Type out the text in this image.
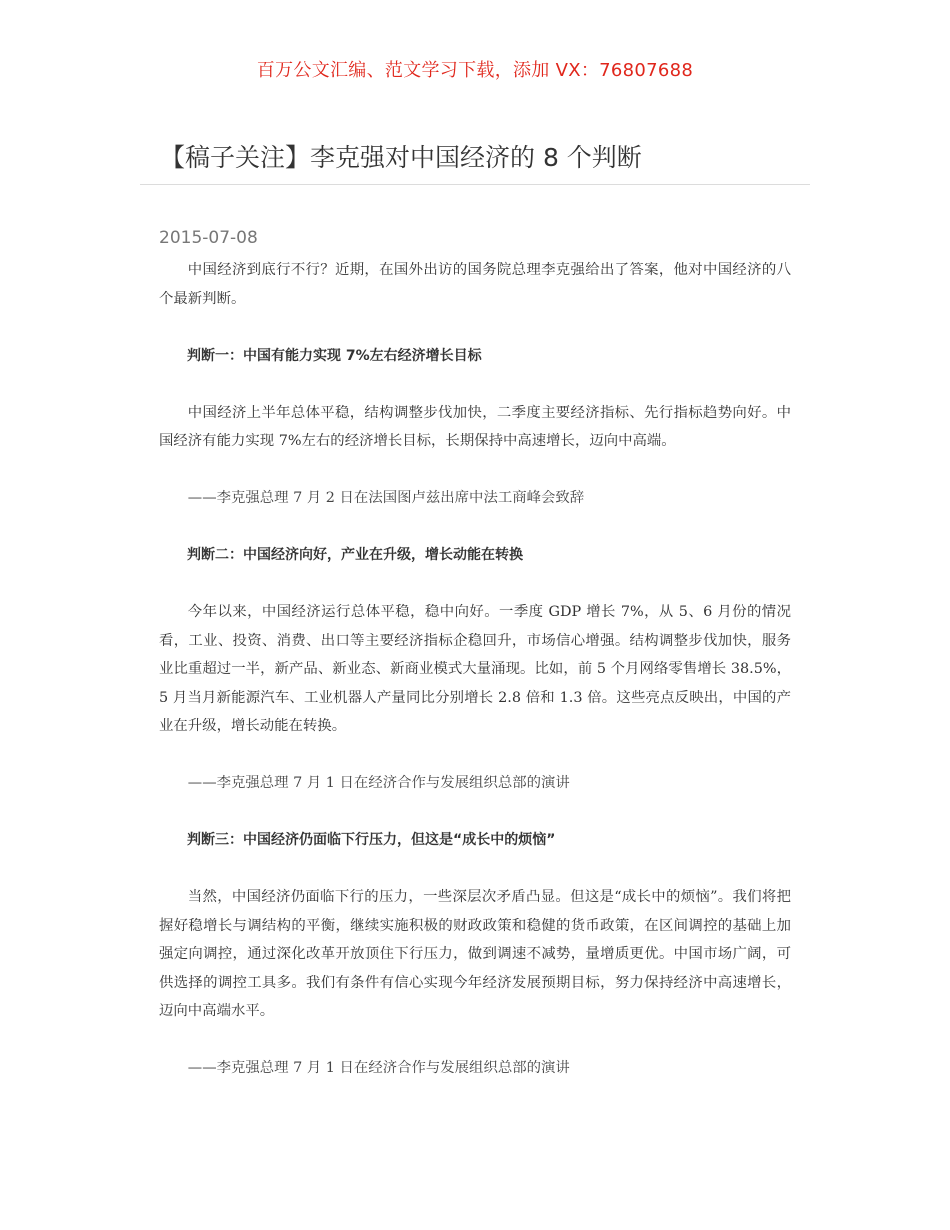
百万公文汇编、范文学习下载，添加 VX：76807688
【稿子关注】李克强对中国经济的 8 个判断
2015-07-08

中国经济到底行不行？近期，在国外出访的国务院总理李克强给出了答案，他对中国经济的八个最新判断。

判断一：中国有能力实现 7%左右经济增长目标

中国经济上半年总体平稳，结构调整步伐加快，二季度主要经济指标、先行指标趋势向好。中国经济有能力实现 7%左右的经济增长目标，长期保持中高速增长，迈向中高端。

——李克强总理 7 月 2 日在法国图卢兹出席中法工商峰会致辞

判断二：中国经济向好，产业在升级，增长动能在转换

今年以来，中国经济运行总体平稳，稳中向好。一季度 GDP 增长 7%，从 5、6 月份的情况看，工业、投资、消费、出口等主要经济指标企稳回升，市场信心增强。结构调整步伐加快，服务业比重超过一半，新产品、新业态、新商业模式大量涌现。比如，前 5 个月网络零售增长 38.5%，5 月当月新能源汽车、工业机器人产量同比分别增长 2.8 倍和 1.3 倍。这些亮点反映出，中国的产业在升级，增长动能在转换。

——李克强总理 7 月 1 日在经济合作与发展组织总部的演讲

判断三：中国经济仍面临下行压力，但这是“成长中的烦恼”

当然，中国经济仍面临下行的压力，一些深层次矛盾凸显。但这是“成长中的烦恼”。我们将把握好稳增长与调结构的平衡，继续实施积极的财政政策和稳健的货币政策，在区间调控的基础上加强定向调控，通过深化改革开放顶住下行压力，做到调速不减势，量增质更优。中国市场广阔，可供选择的调控工具多。我们有条件有信心实现今年经济发展预期目标，努力保持经济中高速增长，迈向中高端水平。

——李克强总理 7 月 1 日在经济合作与发展组织总部的演讲
